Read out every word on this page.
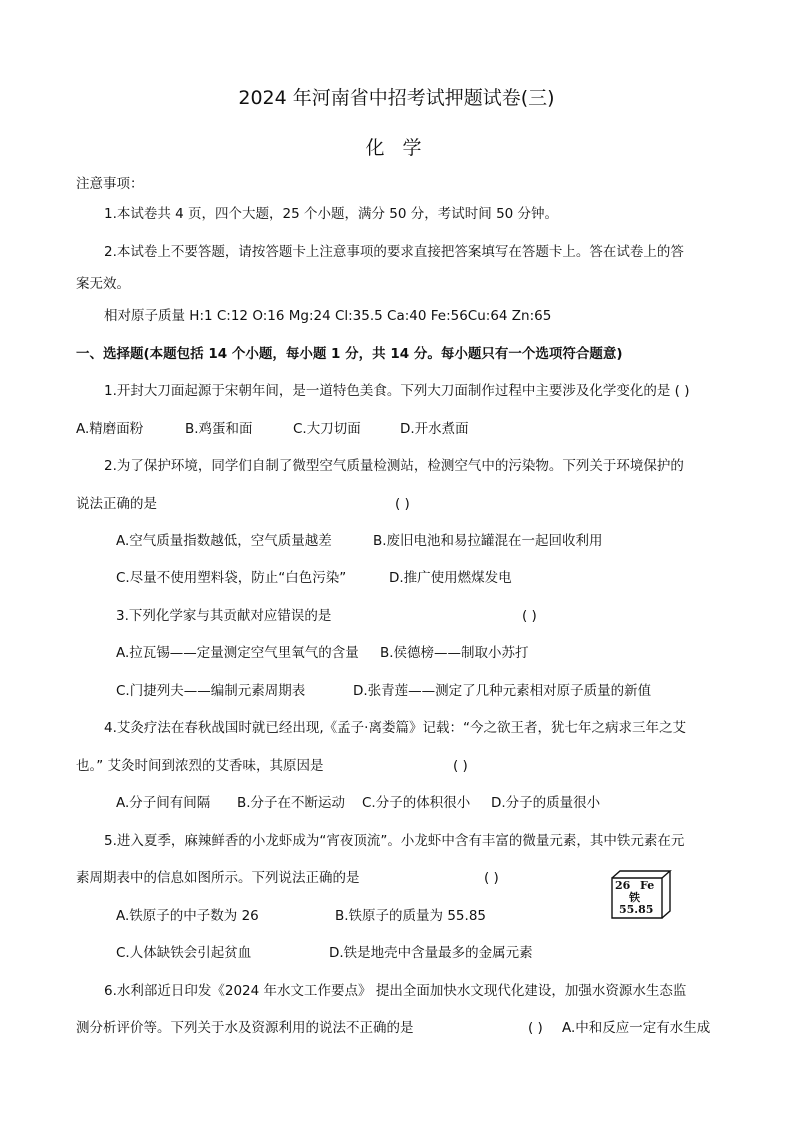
2024 年河南省中招考试押题试卷(三)
化 学
注意事项：
1.本试卷共 4 页，四个大题，25 个小题，满分 50 分，考试时间 50 分钟。
2.本试卷上不要答题，请按答题卡上注意事项的要求直接把答案填写在答题卡上。答在试卷上的答
案无效。
相对原子质量 H:1 C:12 O:16 Mg:24 Cl:35.5 Ca:40 Fe:56Cu:64 Zn:65
一、选择题(本题包括 14 个小题，每小题 1 分，共 14 分。每小题只有一个选项符合题意)
1.开封大刀面起源于宋朝年间，是一道特色美食。下列大刀面制作过程中主要涉及化学变化的是 ( )
A.精磨面粉	B.鸡蛋和面	C.大刀切面	D.开水煮面
2.为了保护环境，同学们自制了微型空气质量检测站，检测空气中的污染物。下列关于环境保护的
说法正确的是	( )
A.空气质量指数越低，空气质量越差	B.废旧电池和易拉罐混在一起回收利用
C.尽量不使用塑料袋，防止“白色污染”	D.推广使用燃煤发电
3.下列化学家与其贡献对应错误的是	( )
A.拉瓦锡——定量测定空气里氧气的含量 B.侯德榜——制取小苏打
C.门捷列夫——编制元素周期表	D.张青莲——测定了几种元素相对原子质量的新值
4.艾灸疗法在春秋战国时就已经出现,《孟子·离娄篇》记载：“今之欲王者，犹七年之病求三年之艾
也。” 艾灸时间到浓烈的艾香味，其原因是	( )
A.分子间有间隔 B.分子在不断运动 C.分子的体积很小 D.分子的质量很小
5.进入夏季，麻辣鲜香的小龙虾成为“宵夜顶流”。小龙虾中含有丰富的微量元素，其中铁元素在元
素周期表中的信息如图所示。下列说法正确的是	( )	26 Fe
铁
55.85
A.铁原子的中子数为 26	B.铁原子的质量为 55.85
C.人体缺铁会引起贫血	D.铁是地壳中含量最多的金属元素
6.水利部近日印发《2024 年水文工作要点》 提出全面加快水文现代化建设，加强水资源水生态监
测分析评价等。下列关于水及资源利用的说法不正确的是	( ) A.中和反应一定有水生成
